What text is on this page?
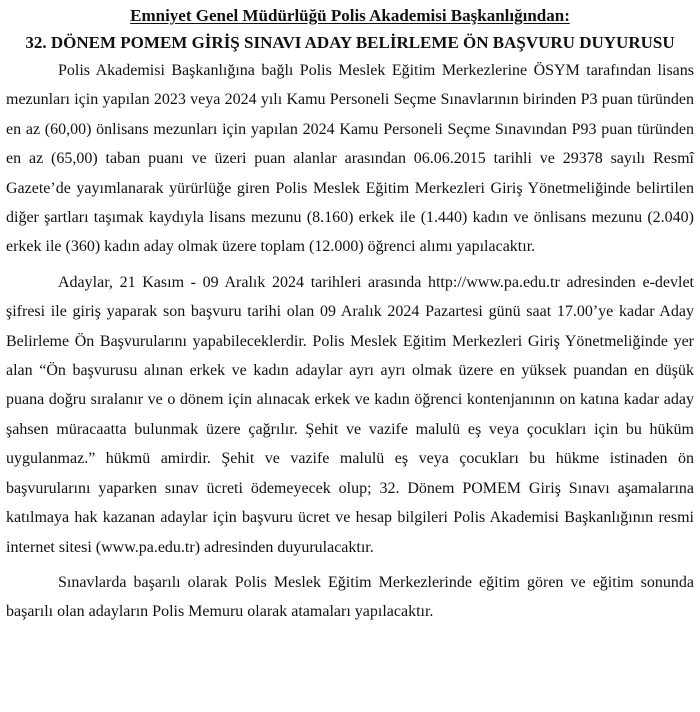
Emniyet Genel Müdürlüğü Polis Akademisi Başkanlığından:

32. DÖNEM POMEM GİRİŞ SINAVI ADAY BELİRLEME ÖN BAŞVURU DUYURUSU

Polis Akademisi Başkanlığına bağlı Polis Meslek Eğitim Merkezlerine ÖSYM tarafından lisans mezunları için yapılan 2023 veya 2024 yılı Kamu Personeli Seçme Sınavlarının birinden P3 puan türünden en az (60,00) önlisans mezunları için yapılan 2024 Kamu Personeli Seçme Sınavından P93 puan türünden en az (65,00) taban puanı ve üzeri puan alanlar arasından 06.06.2015 tarihli ve 29378 sayılı Resmî Gazete’de yayımlanarak yürürlüğe giren Polis Meslek Eğitim Merkezleri Giriş Yönetmeliğinde belirtilen diğer şartları taşımak kaydıyla lisans mezunu (8.160) erkek ile (1.440) kadın ve önlisans mezunu (2.040) erkek ile (360) kadın aday olmak üzere toplam (12.000) öğrenci alımı yapılacaktır.

Adaylar, 21 Kasım - 09 Aralık 2024 tarihleri arasında http://www.pa.edu.tr adresinden e-devlet şifresi ile giriş yaparak son başvuru tarihi olan 09 Aralık 2024 Pazartesi günü saat 17.00’ye kadar Aday Belirleme Ön Başvurularını yapabileceklerdir. Polis Meslek Eğitim Merkezleri Giriş Yönetmeliğinde yer alan “Ön başvurusu alınan erkek ve kadın adaylar ayrı ayrı olmak üzere en yüksek puandan en düşük puana doğru sıralanır ve o dönem için alınacak erkek ve kadın öğrenci kontenjanının on katına kadar aday şahsen müracaatta bulunmak üzere çağrılır. Şehit ve vazife malulü eş veya çocukları için bu hüküm uygulanmaz.” hükmü amirdir. Şehit ve vazife malulü eş veya çocukları bu hükme istinaden ön başvurularını yaparken sınav ücreti ödemeyecek olup; 32. Dönem POMEM Giriş Sınavı aşamalarına katılmaya hak kazanan adaylar için başvuru ücret ve hesap bilgileri Polis Akademisi Başkanlığının resmi internet sitesi (www.pa.edu.tr) adresinden duyurulacaktır.

Sınavlarda başarılı olarak Polis Meslek Eğitim Merkezlerinde eğitim gören ve eğitim sonunda başarılı olan adayların Polis Memuru olarak atamaları yapılacaktır.
